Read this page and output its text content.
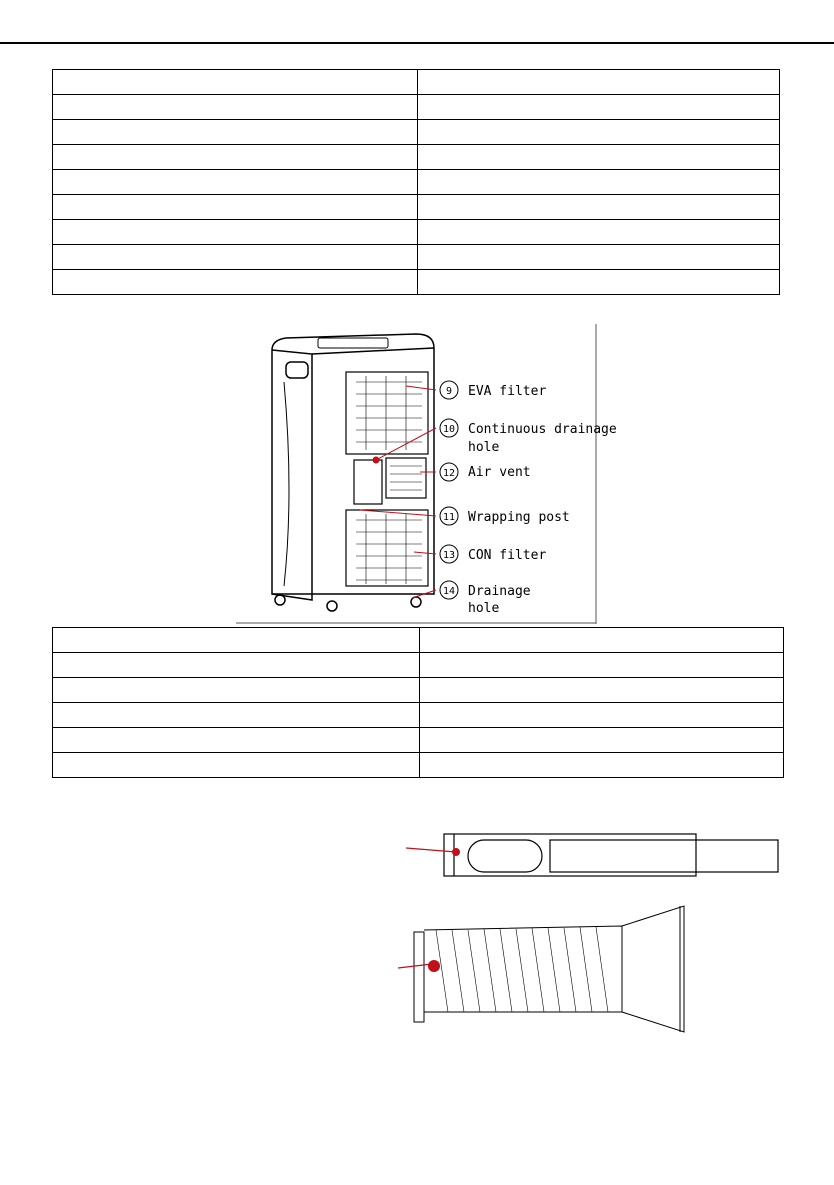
9
10
12
11
13
14
EVA filter
Continuous drainage
hole
Air vent
Wrapping post
CON filter
Drainage
hole
